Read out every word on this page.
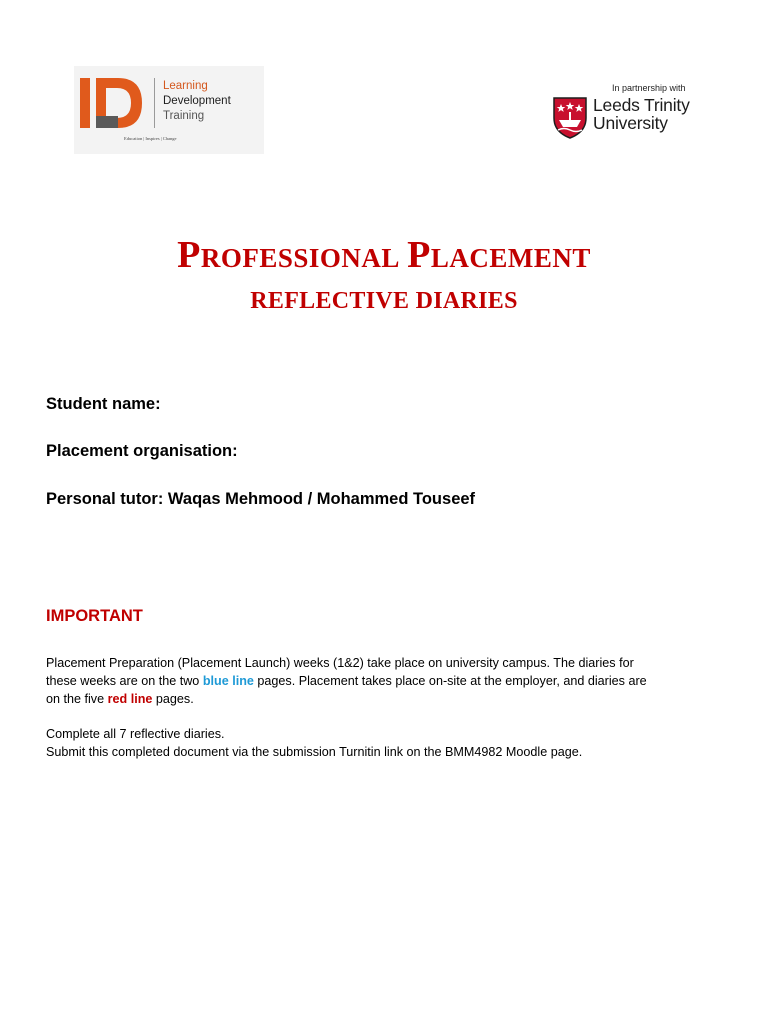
Learning
Development
Training
Education | Inspires | Change
In partnership with
Leeds Trinity
University
PROFESSIONAL PLACEMENT
REFLECTIVE DIARIES
Student name:
Placement organisation:
Personal tutor: Waqas Mehmood / Mohammed Touseef
IMPORTANT
Placement Preparation (Placement Launch) weeks (1&2) take place on university campus. The diaries for
these weeks are on the two blue line pages. Placement takes place on-site at the employer, and diaries are
on the five red line pages.
Complete all 7 reflective diaries.
Submit this completed document via the submission Turnitin link on the BMM4982 Moodle page.
